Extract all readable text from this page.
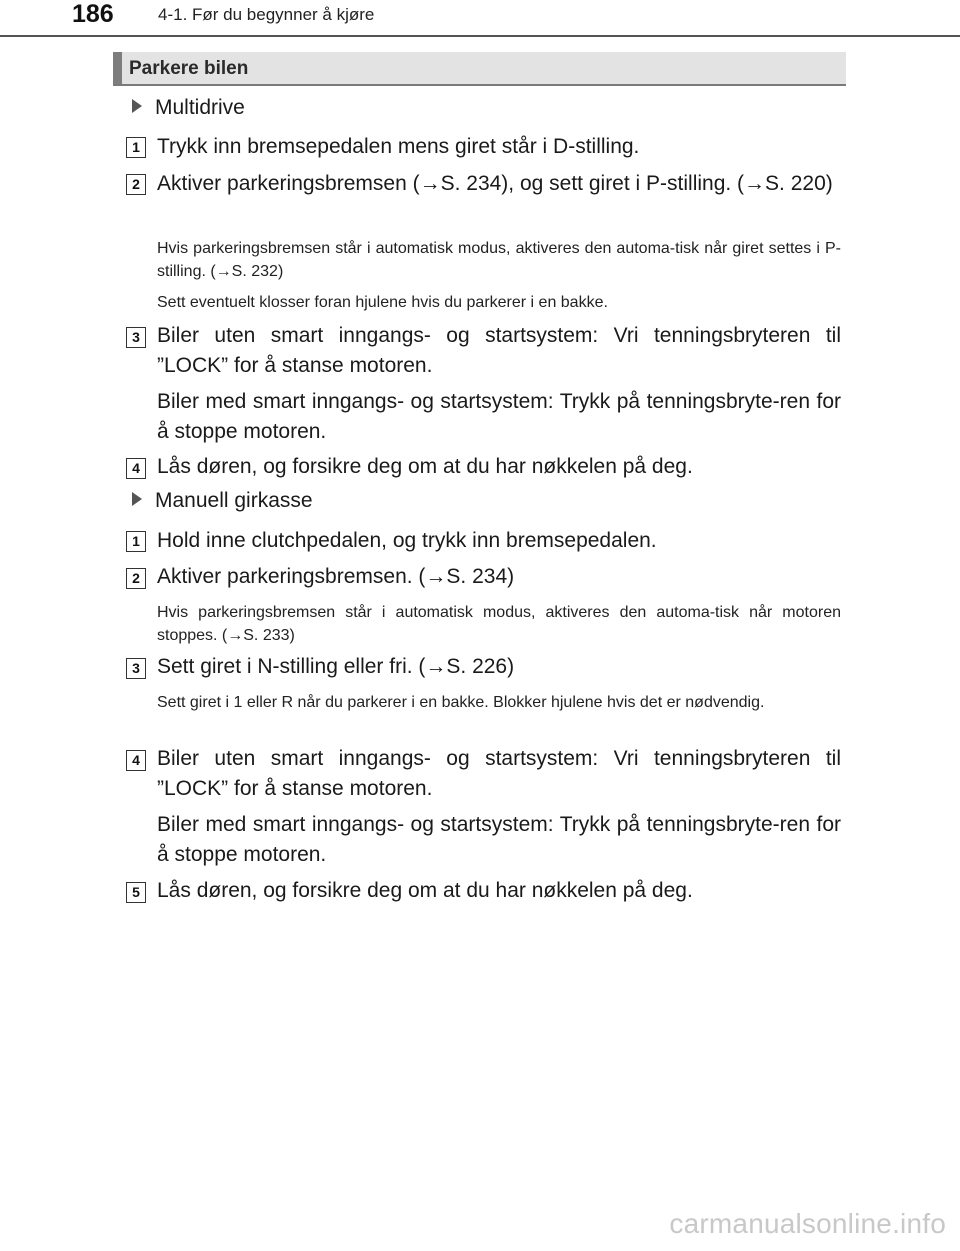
186	4-1. Før du begynner å kjøre
Parkere bilen
Multidrive
1 Trykk inn bremsepedalen mens giret står i D-stilling.
2 Aktiver parkeringsbremsen (→S. 234), og sett giret i P-stilling. (→S. 220)
Hvis parkeringsbremsen står i automatisk modus, aktiveres den automa-tisk når giret settes i P-stilling. (→S. 232)
Sett eventuelt klosser foran hjulene hvis du parkerer i en bakke.
3 Biler uten smart inngangs- og startsystem: Vri tenningsbryteren til ”LOCK” for å stanse motoren.
Biler med smart inngangs- og startsystem: Trykk på tenningsbryte-ren for å stoppe motoren.
4 Lås døren, og forsikre deg om at du har nøkkelen på deg.
Manuell girkasse
1 Hold inne clutchpedalen, og trykk inn bremsepedalen.
2 Aktiver parkeringsbremsen. (→S. 234)
Hvis parkeringsbremsen står i automatisk modus, aktiveres den automa-tisk når motoren stoppes. (→S. 233)
3 Sett giret i N-stilling eller fri. (→S. 226)
Sett giret i 1 eller R når du parkerer i en bakke. Blokker hjulene hvis det er nødvendig.
4 Biler uten smart inngangs- og startsystem: Vri tenningsbryteren til ”LOCK” for å stanse motoren.
Biler med smart inngangs- og startsystem: Trykk på tenningsbryte-ren for å stoppe motoren.
5 Lås døren, og forsikre deg om at du har nøkkelen på deg.
carmanualsonline.info
